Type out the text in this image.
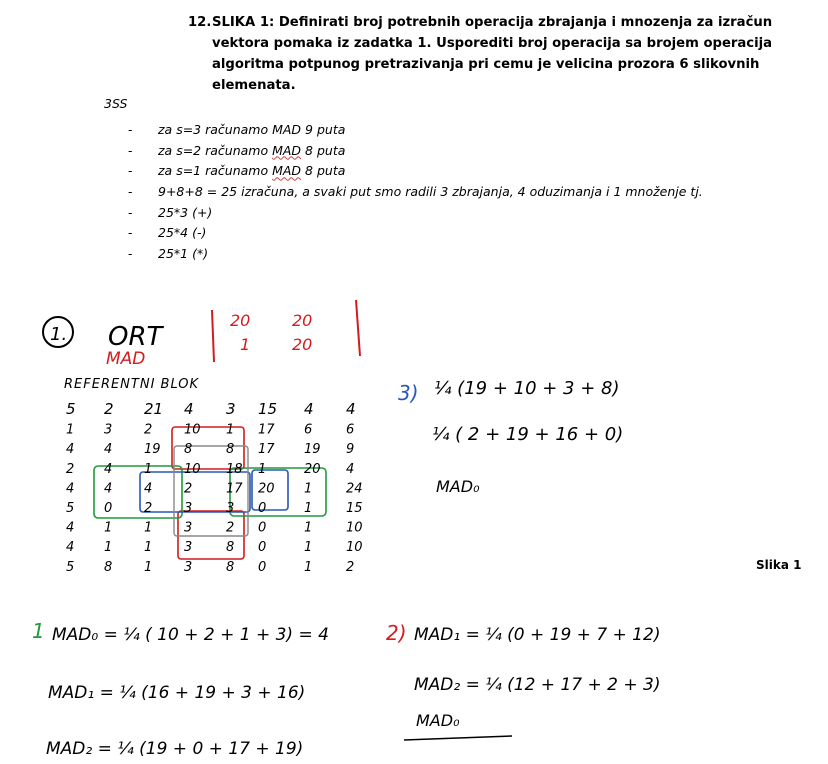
12. SLIKA 1: Definirati broj potrebnih operacija zbrajanja i mnozenja za izračun vektora pomaka iz zadatka 1. Usporediti broj operacija sa brojem operacija algoritma potpunog pretrazivanja pri cemu je velicina prozora 6 slikovnih elemenata.
3SS
- za s=3 računamo MAD 9 puta
- za s=2 računamo MAD 8 puta
- za s=1 računamo MAD 8 puta
- 9+8+8 = 25 izračuna, a svaki put smo radili 3 zbrajanja, 4 oduzimanja i 1 množenje tj.
- 25*3 (+)
- 25*4 (-)
- 25*1 (*)
Slika 1
1. ORT
MAD
20	20
1	20
REFERENTNI BLOK
5 2 21 4 3 15 4 4
1 3 2 10 1 17 6	6
4 4 19 8	8 17 19 9
2 4 1 10 18 1	20 4
4 4 4 2	17 20 1	24
5 0 2 3	3 0	1	15
4 1 1 3	2 0	1	10
4 1 1 3	8 0	1	10
5 8 1 3	8 0	1	2
3) ¼ (19 + 10 + 3 + 8)
¼ ( 2 + 19 + 16 + 0)
MAD₀
1 MAD₀ = ¼ ( 10 + 2 + 1 + 3) = 4
MAD₁ = ¼ (16 + 19 + 3 + 16)
MAD₂ = ¼ (19 + 0 + 17 + 19)
2) MAD₁ = ¼ (0 + 19 + 7 + 12)
MAD₂ = ¼ (12 + 17 + 2 + 3)
MAD₀
